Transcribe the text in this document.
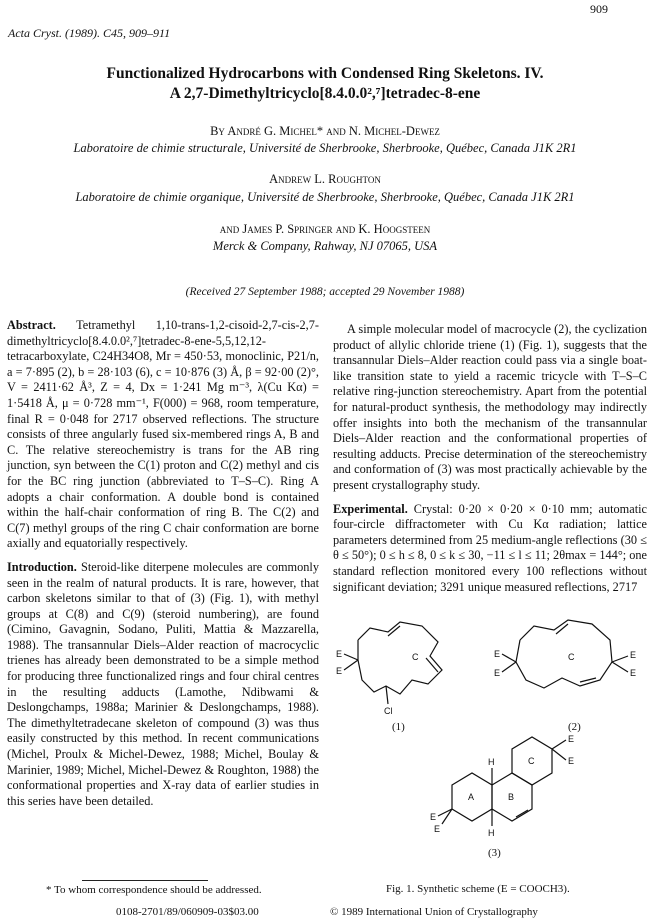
909
Acta Cryst. (1989). C45, 909–911
Functionalized Hydrocarbons with Condensed Ring Skeletons. IV.
A 2,7-Dimethyltricyclo[8.4.0.0²,⁷]tetradec-8-ene
By André G. Michel* and N. Michel-Dewez
Laboratoire de chimie structurale, Université de Sherbrooke, Sherbrooke, Québec, Canada J1K 2R1
Andrew L. Roughton
Laboratoire de chimie organique, Université de Sherbrooke, Sherbrooke, Québec, Canada J1K 2R1
and James P. Springer and K. Hoogsteen
Merck & Company, Rahway, NJ 07065, USA
(Received 27 September 1988; accepted 29 November 1988)

Abstract. Tetramethyl 1,10-trans-1,2-cisoid-2,7-cis-2,7-dimethyltricyclo[8.4.0.0²,⁷]tetradec-8-ene-5,5,12,12-tetracarboxylate, C24H34O8, Mr = 450·53, monoclinic, P21/n, a = 7·895 (2), b = 28·103 (6), c = 10·876 (3) Å, β = 92·00 (2)°, V = 2411·62 Å³, Z = 4, Dx = 1·241 Mg m⁻³, λ(Cu Kα) = 1·5418 Å, μ = 0·728 mm⁻¹, F(000) = 968, room temperature, final R = 0·048 for 2717 observed reflections. The structure consists of three angularly fused six-membered rings A, B and C. The relative stereochemistry is trans for the AB ring junction, syn between the C(1) proton and C(2) methyl and cis for the BC ring junction (abbreviated to T–S–C). Ring A adopts a chair conformation. A double bond is contained within the half-chair conformation of ring B. The C(2) and C(7) methyl groups of the ring C chair conformation are borne axially and equatorially respectively.

Introduction. Steroid-like diterpene molecules are commonly seen in the realm of natural products. It is rare, however, that carbon skeletons similar to that of (3) (Fig. 1), with methyl groups at C(8) and C(9) (steroid numbering), are found (Cimino, Gavagnin, Sodano, Puliti, Mattia & Mazzarella, 1988). The transannular Diels–Alder reaction of macrocyclic trienes has already been demonstrated to be a simple method for producing three functionalized rings and four chiral centres in the resulting adducts (Lamothe, Ndibwami & Deslongchamps, 1988a; Marinier & Deslongchamps, 1988). The dimethyltetradecane skeleton of compound (3) was thus easily constructed by this method. In recent communications (Michel, Proulx & Michel-Dewez, 1988; Michel, Boulay & Marinier, 1989; Michel, Michel-Dewez & Roughton, 1988) the conformational properties and X-ray data of earlier studies in this series have been detailed.

A simple molecular model of macrocycle (2), the cyclization product of allylic chloride triene (1) (Fig. 1), suggests that the transannular Diels–Alder reaction could pass via a single boat-like transition state to yield a racemic tricycle with T–S–C relative ring-junction stereochemistry. Apart from the potential for natural-product synthesis, the methodology may indirectly offer insights into both the mechanism of the transannular Diels–Alder reaction and the conformational properties of resulting adducts. Precise determination of the stereochemistry and conformation of (3) was most practically achievable by the present crystallography study.

Experimental. Crystal: 0·20 × 0·20 × 0·10 mm; automatic four-circle diffractometer with Cu Kα radiation; lattice parameters determined from 25 medium-angle reflections (30 ≤ θ ≤ 50°); 0 ≤ h ≤ 8, 0 ≤ k ≤ 30, −11 ≤ l ≤ 11; 2θmax = 144°; one standard reflection monitored every 100 reflections without significant deviation; 3291 unique measured reflections, 2717

E
E
Cl
C	E
E
E
E
C
H
H
A	B
C
E
E
E
E
(1)	(2)
(3)
Fig. 1. Synthetic scheme (E = COOCH3).
* To whom correspondence should be addressed.
0108-2701/89/060909-03$03.00	© 1989 International Union of Crystallography
